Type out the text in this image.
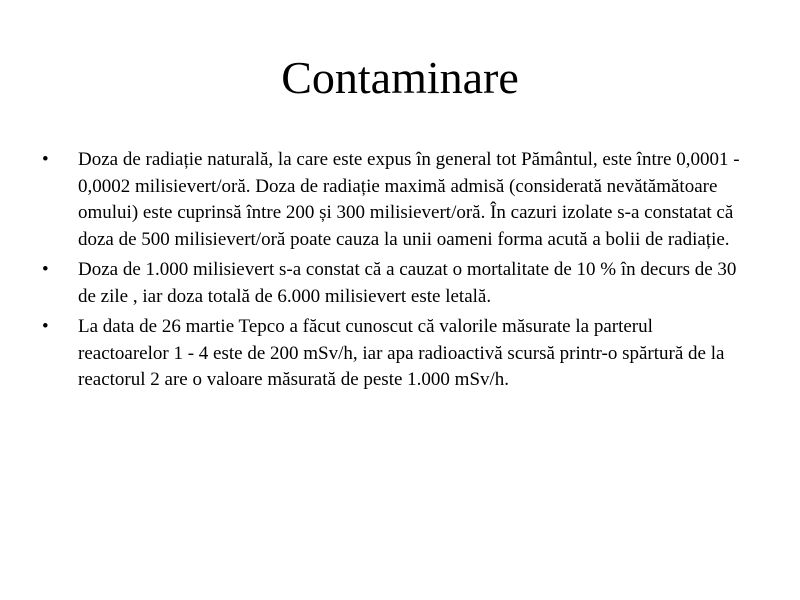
Contaminare
• Doza de radiație naturală, la care este expus în general tot Pământul, este între 0,0001 - 0,0002 milisievert/oră. Doza de radiație maximă admisă (considerată nevătămătoare omului) este cuprinsă între 200 și 300 milisievert/oră. În cazuri izolate s-a constatat că doza de 500 milisievert/oră poate cauza la unii oameni forma acută a bolii de radiație.
• Doza de 1.000 milisievert s-a constat că a cauzat o mortalitate de 10 % în decurs de 30 de zile , iar doza totală de 6.000 milisievert este letală.
• La data de 26 martie Tepco a făcut cunoscut că valorile măsurate la parterul reactoarelor 1 - 4 este de 200 mSv/h, iar apa radioactivă scursă printr-o spărtură de la reactorul 2 are o valoare măsurată de peste 1.000 mSv/h.
